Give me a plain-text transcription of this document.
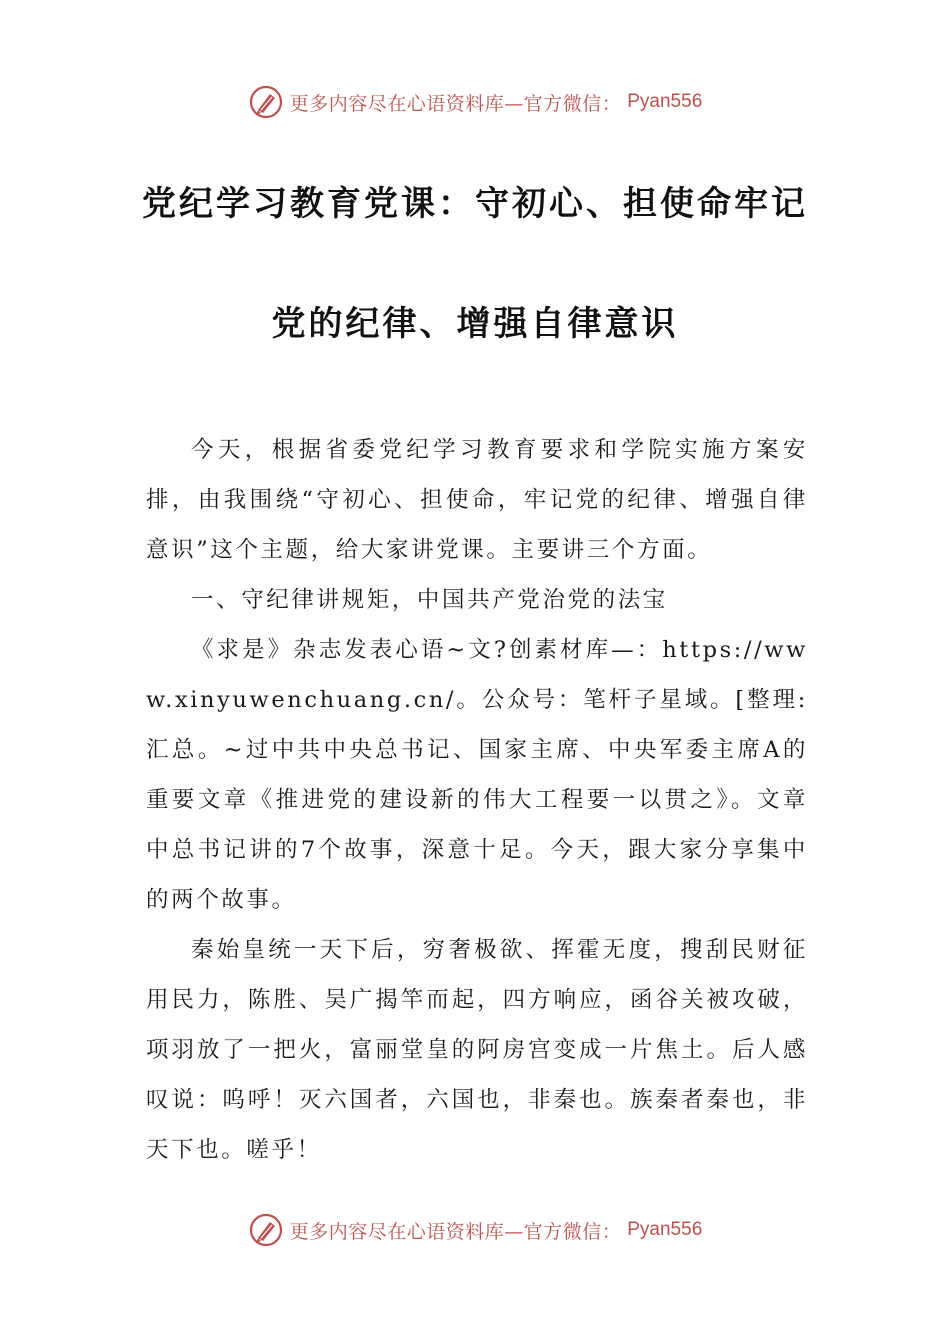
更多内容尽在心语资料库—官方微信： Pyan556
党纪学习教育党课：守初心、担使命牢记
党的纪律、增强自律意识

今天，根据省委党纪学习教育要求和学院实施方案安排，由我围绕“守初心、担使命，牢记党的纪律、增强自律意识”这个主题，给大家讲党课。主要讲三个方面。

一、守纪律讲规矩，中国共产党治党的法宝

《求是》杂志发表心语~文?创素材库—：https://www.xinyuwenchuang.cn/。公众号：笔杆子星域。[整理:汇总。~过中共中央总书记、国家主席、中央军委主席A的重要文章《推进党的建设新的伟大工程要一以贯之》。文章中总书记讲的7个故事，深意十足。今天，跟大家分享集中的两个故事。

秦始皇统一天下后，穷奢极欲、挥霍无度，搜刮民财征用民力，陈胜、吴广揭竿而起，四方响应，函谷关被攻破，项羽放了一把火，富丽堂皇的阿房宫变成一片焦土。后人感叹说：呜呼！灭六国者，六国也，非秦也。族秦者秦也，非天下也。嗟乎！

更多内容尽在心语资料库—官方微信： Pyan556
